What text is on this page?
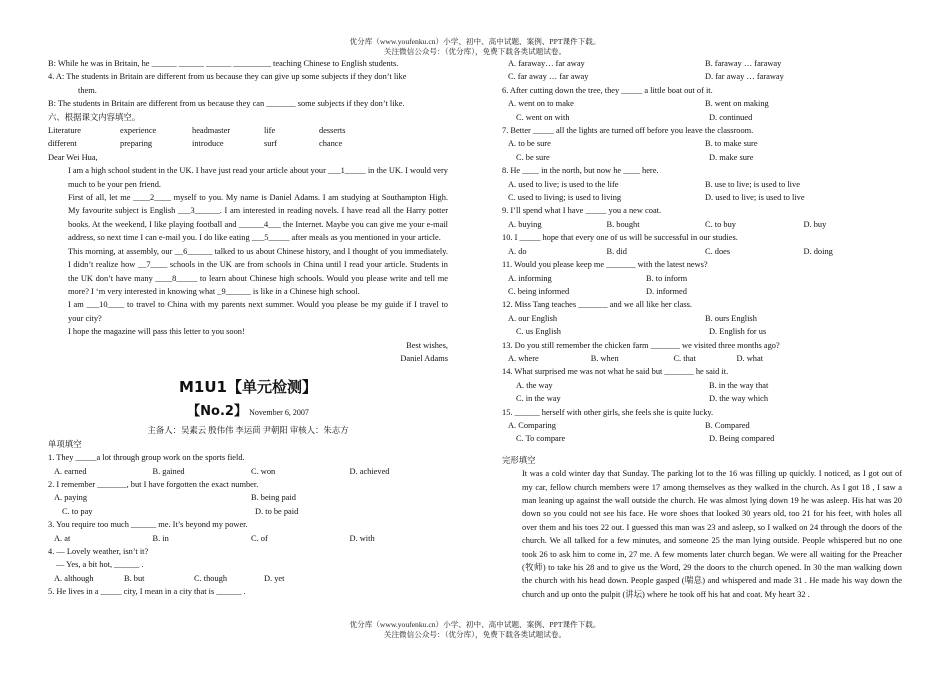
优分库（www.youfenku.cn）小学、初中、高中试题、案例、PPT课件下载。
关注微信公众号：（优分库），免费下载各类试题试卷。
B: While he was in Britain, he ______ ______ ______ _________ teaching Chinese to English students.
4. A: The students in Britain are different from us because they can give up some subjects if they don’t like
them.
B: The students in Britain are different from us because they can _______ some subjects if they don’t like.
六、根据课文内容填空。
Literature	experience	headmaster	life	desserts
different	preparing	introduce	surf	chance
Dear Wei Hua,
I am a high school student in the UK. I have just read your article about your ___1_____ in the UK. I would very much to be your pen friend.
First of all, let me ____2____ myself to you. My name is Daniel Adams. I am studying at Southampton High. My favourite subject is English ___3______. I am interested in reading novels. I have read all the Harry potter books. At the weekend, I like playing football and ______4___ the Internet. Maybe you can give me your e-mail address, so next time I can e-mail you. I do like eating ___5_____ after meals as you mentioned in your article.
This morning, at assembly, our __6______ talked to us about Chinese history, and I thought of you immediately. I didn’t realize how __7____ schools in the UK are from schools in China until I read your article. Students in the UK don’t have many ____8_____ to learn about Chinese high schools. Would you please write and tell me more? I ‘m very interested in knowing what _9______ is like in a Chinese high school.
I am ___10____ to travel to China with my parents next summer. Would you please be my guide if I travel to your city?
I hope the magazine will pass this letter to you soon!
Best wishes,
Daniel Adams
M1U1【单元检测】
【No.2】 November 6, 2007
主备人：吴素云 殷伟伟 李运茴 尹朝阳 审核人：朱志方
单项填空
1. They _____a lot through group work on the sports field.
A. earned	B. gained	C. won	D. achieved
2. I remember _______, but I have forgotten the exact number.
A. paying	B. being paid
C. to pay	D. to be paid
3. You require too much ______ me. It’s beyond my power.
A. at	B. in	C. of	D. with
4. — Lovely weather, isn’t it?
— Yes, a bit hot, ______ .
A. although	B. but	C. though	D. yet
5. He lives in a _____ city, I mean in a city that is ______ .
A. faraway… far away	B. faraway … faraway
C. far away … far away	D. far away … faraway
6. After cutting down the tree, they _____ a little boat out of it.
A. went on to make	B. went on making
C. went on with	D. continued
7. Better _____ all the lights are turned off before you leave the classroom.
A. to be sure	B. to make sure
C. be sure	D. make sure
8. He ____ in the north, but now he ____ here.
A. used to live; is used to the life	B. use to live; is used to live
C. used to living; is used to living	D. used to live; is used to live
9. I’ll spend what I have _____ you a new coat.
A. buying	B. bought	C. to buy	D. buy
10. I _____ hope that every one of us will be successful in our studies.
A. do	B. did	C. does	D. doing
11. Would you please keep me _______ with the latest news?
A. informing	B. to inform
C. being informed	D. informed
12. Miss Tang teaches _______ and we all like her class.
A. our English	B. ours English
C. us English	D. English for us
13. Do you still remember the chicken farm _______ we visited three months ago?
A. where	B. when	C. that	D. what
14. What surprised me was not what he said but _______ he said it.
A. the way	B. in the way that
C. in the way	D. the way which
15. ______ herself with other girls, she feels she is quite lucky.
A. Comparing	B. Compared
C. To compare	D. Being compared
完形填空
It was a cold winter day that Sunday. The parking lot to the 16 was filling up quickly. I noticed, as I got out of my car, fellow church members were 17 among themselves as they walked in the church. As I got 18 , I saw a man leaning up against the wall outside the church. He was almost lying down 19 he was asleep. His hat was 20 down so you could not see his face. He wore shoes that looked 30 years old, too 21 for his feet, with holes all over them and his toes 22 out. I guessed this man was 23 and asleep, so I walked on 24 through the doors of the church. We all talked for a few minutes, and someone 25 the man lying outside. People whispered but no one took 26 to ask him to come in, 27 me. A few moments later church began. We were all waiting for the Preacher (牧师) to take his 28 and to give us the Word, 29 the doors to the church opened. In 30 the man walking down the church with his head down. People gasped (喘息) and whispered and made 31 . He made his way down the church and up onto the pulpit (讲坛) where he took off his hat and coat. My heart 32 .
优分库（www.youfenku.cn）小学、初中、高中试题、案例、PPT课件下载。
关注微信公众号：（优分库），免费下载各类试题试卷。
